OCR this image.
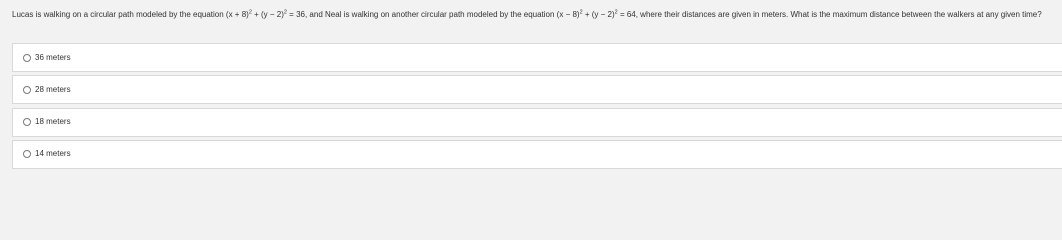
Lucas is walking on a circular path modeled by the equation $(x + 8)^2 + (y - 2)^2 = 36$, and Neal is walking on another circular path modeled by the equation $(x - 8)^2 + (y - 2)^2 = 64$, where their distances are given in meters. What is the maximum distance between the walkers at any given time?
36 meters
28 meters
18 meters
14 meters
